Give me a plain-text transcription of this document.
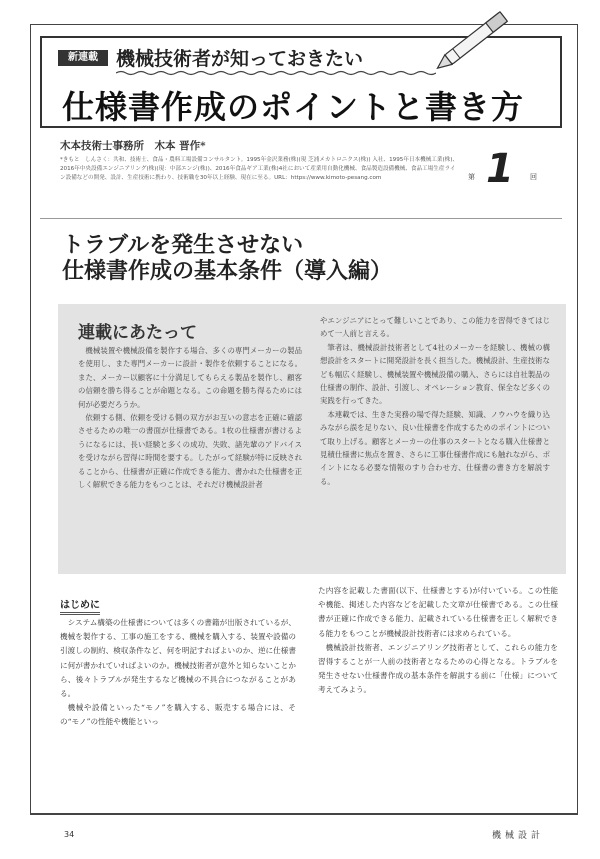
新連載 機械技術者が知っておきたい
仕様書作成のポイントと書き方
木本技術士事務所　木本 晋作*
*きもと　しんさく：共和、技術士、食品・農料工場設備コンサルタント。1995年金沢業務(株)(現 芝浦メカトロニクス(株)) 入社、1995年日本機械工業(株)、2016年中央設備エンジニアリング(株)(現：中部エンジ(株))、2016年食品ギア工業(株)4社において産業用自動化機械、食品製造設備機械、食品工場生産ライン設備などの開発、設計、生産技術に携わり、技術職を30年以上経験、現在に至る。URL：https://www.kimoto-pesang.com	第 1 回
トラブルを発生させない
仕様書作成の基本条件（導入編）
連載にあたって

機械装置や機械設備を製作する場合、多くの専門メーカーの製品を使用し、また専門メーカーに設計・製作を依頼することになる。また、メーカー以顧客に十分満足してもらえる製品を製作し、顧客の信頼を勝ち得ることが命題となる。この命題を勝ち得るためには何が必要だろうか。

依頼する側、依頼を受ける側の双方がお互いの意志を正確に確認させるための唯一の書面が仕様書である。1枚の仕様書が書けるようになるには、長い経験と多くの成功、失敗、諸先輩のアドバイスを受けながら習得に時間を要する。したがって経験が特に反映されることから、仕様書が正確に作成できる能力、書かれた仕様書を正しく解釈できる能力をもつことは、それだけ機械設計者

やエンジニアにとって難しいことであり、この能力を習得できてはじめて一人前と言える。

筆者は、機械設計技術者として4社のメーカーを経験し、機械の構想設計をスタートに開発設計を長く担当した。機械設計、生産技術なども幅広く経験し、機械装置や機械設備の購入、さらには自社製品の仕様書の制作、設計、引渡し、オペレーション教育、保全など多くの実践を行ってきた。

本連載では、生きた実務の場で得た経験、知識、ノウハウを織り込みながら誤を足りない、良い仕様書を作成するためのポイントについて取り上げる。顧客とメーカーの仕事のスタートとなる購入仕様書と見積仕様書に焦点を置き、さらに工事仕様書作成にも触れながら、ポイントになる必要な情報のすり合わせ方、仕様書の書き方を解説する。

はじめに

システム構築の仕様書については多くの書籍が出版されているが、機械を製作する、工事の施工をする、機械を購入する、装置や設備の引渡しの制約、検収条件など、何を明記すればよいのか、逆に仕様書に何が書かれていればよいのか。機械技術者が意外と知らないことから、後々トラブルが発生するなど機械の不具合につながることがある。

機械や設備といった“モノ”を購入する、販売する場合には、その“モノ”の性能や機能といっ

た内容を記載した書面(以下、仕様書とする)が付いている。この性能や機能、掲述した内容などを記載した文章が仕様書である。この仕様書が正確に作成できる能力、記載されている仕様書を正しく解釈できる能力をもつことが機械設計技術者には求められている。

機械設計技術者、エンジニアリング技術者として、これらの能力を習得することが一人前の技術者となるための心得となる。トラブルを発生させない仕様書作成の基本条件を解説する前に「仕様」について考えてみよう。

34	機械設計
